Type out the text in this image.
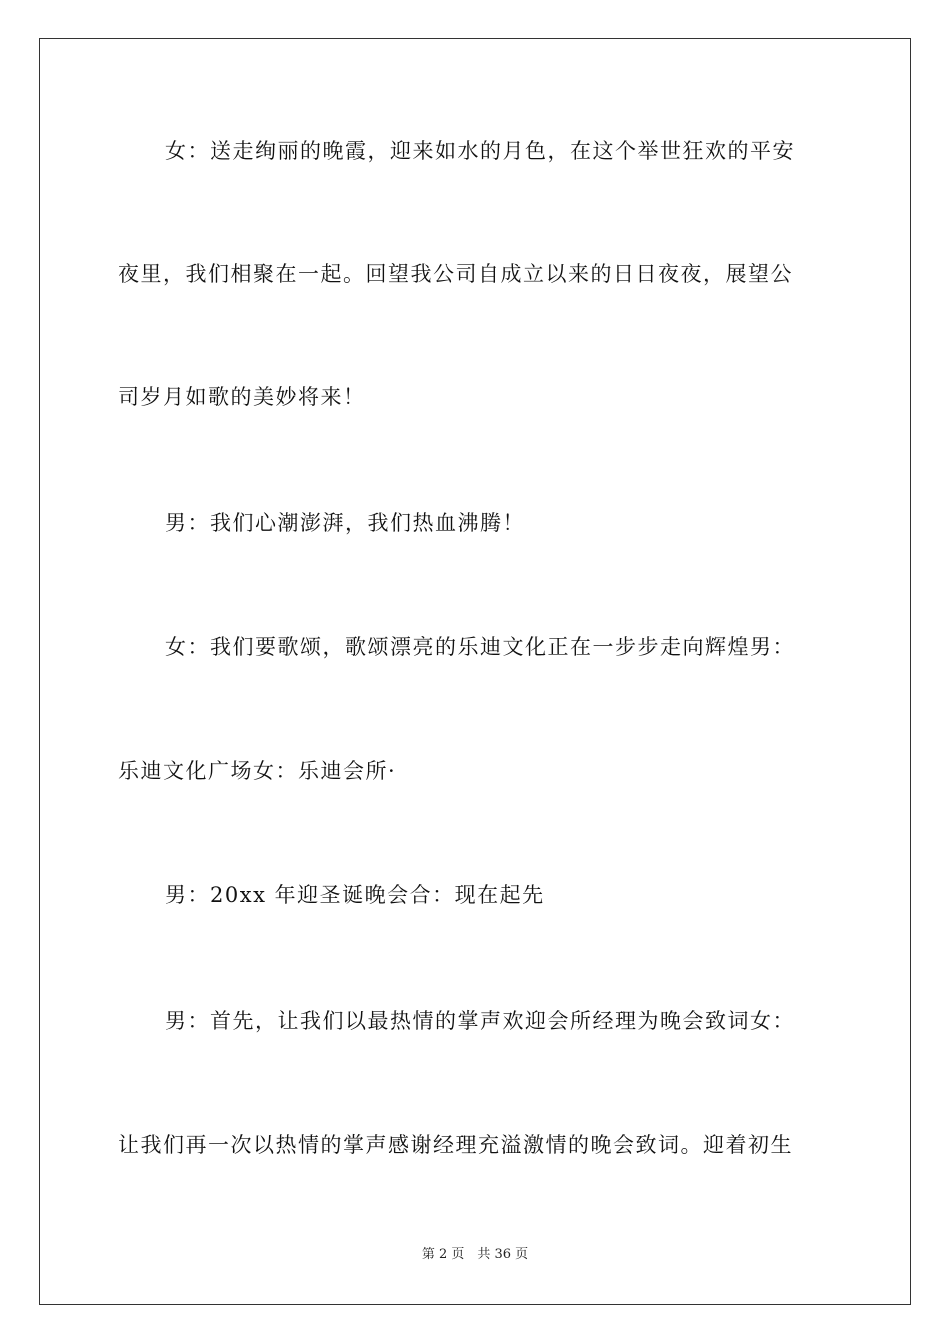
女：送走绚丽的晚霞，迎来如水的月色，在这个举世狂欢的平安
夜里，我们相聚在一起。回望我公司自成立以来的日日夜夜，展望公
司岁月如歌的美妙将来！
男：我们心潮澎湃，我们热血沸腾！
女：我们要歌颂，歌颂漂亮的乐迪文化正在一步步走向辉煌男：
乐迪文化广场女：乐迪会所·
男：20xx 年迎圣诞晚会合：现在起先
男：首先，让我们以最热情的掌声欢迎会所经理为晚会致词女：
让我们再一次以热情的掌声感谢经理充溢激情的晚会致词。迎着初生
第 2 页　共 36 页
